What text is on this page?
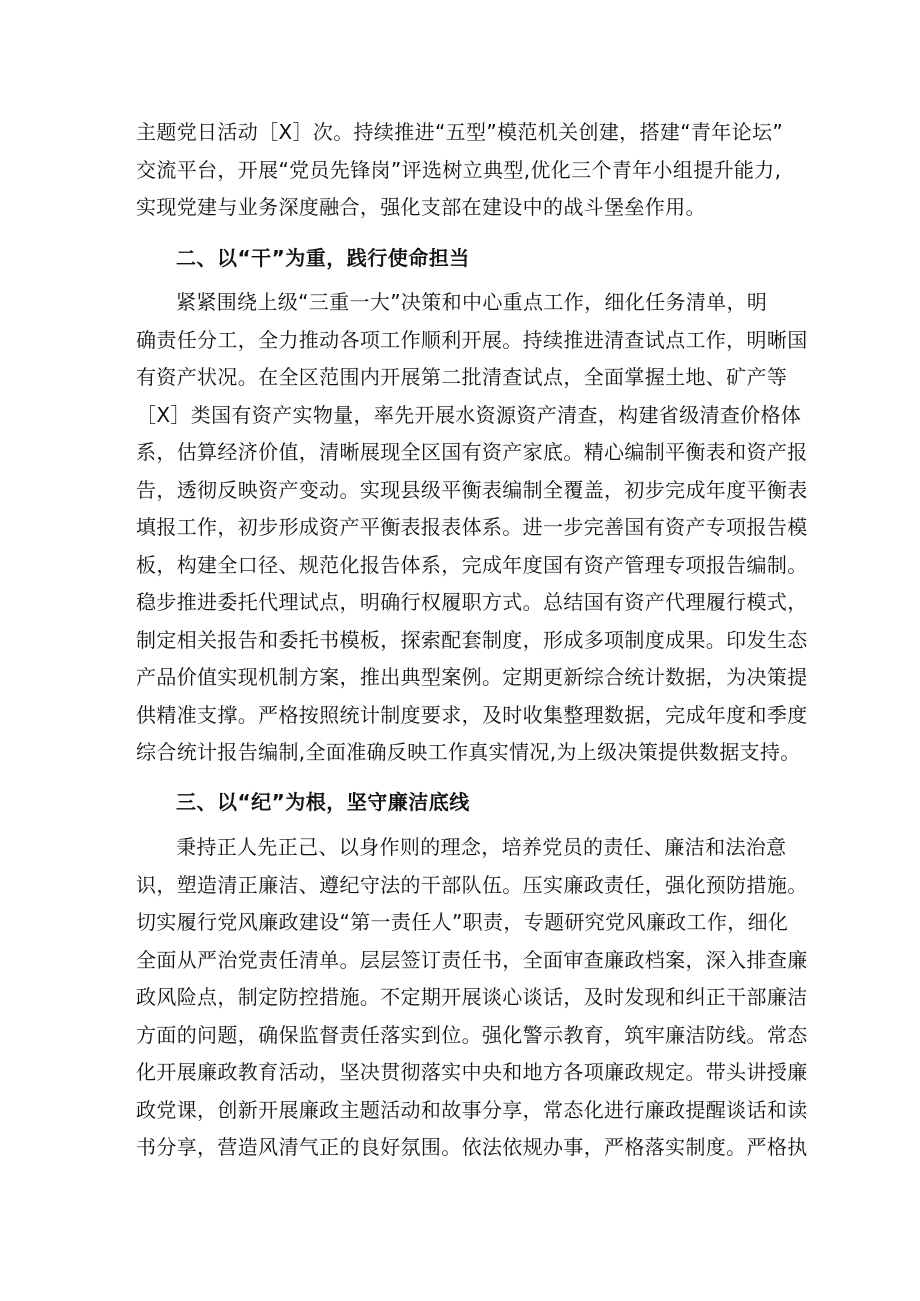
主题党日活动［X］次。持续推进“五型”模范机关创建，搭建“青年论坛”
交流平台，开展“党员先锋岗”评选树立典型,优化三个青年小组提升能力,
实现党建与业务深度融合，强化支部在建设中的战斗堡垒作用。
二、以“干”为重，践行使命担当
紧紧围绕上级“三重一大”决策和中心重点工作，细化任务清单，明
确责任分工，全力推动各项工作顺利开展。持续推进清查试点工作，明晰国
有资产状况。在全区范围内开展第二批清查试点，全面掌握土地、矿产等
［X］类国有资产实物量，率先开展水资源资产清查，构建省级清查价格体
系，估算经济价值，清晰展现全区国有资产家底。精心编制平衡表和资产报
告，透彻反映资产变动。实现县级平衡表编制全覆盖，初步完成年度平衡表
填报工作，初步形成资产平衡表报表体系。进一步完善国有资产专项报告模
板，构建全口径、规范化报告体系，完成年度国有资产管理专项报告编制。
稳步推进委托代理试点，明确行权履职方式。总结国有资产代理履行模式，
制定相关报告和委托书模板，探索配套制度，形成多项制度成果。印发生态
产品价值实现机制方案，推出典型案例。定期更新综合统计数据，为决策提
供精准支撑。严格按照统计制度要求，及时收集整理数据，完成年度和季度
综合统计报告编制,全面准确反映工作真实情况,为上级决策提供数据支持。
三、以“纪”为根，坚守廉洁底线
秉持正人先正己、以身作则的理念，培养党员的责任、廉洁和法治意
识，塑造清正廉洁、遵纪守法的干部队伍。压实廉政责任，强化预防措施。
切实履行党风廉政建设“第一责任人”职责，专题研究党风廉政工作，细化
全面从严治党责任清单。层层签订责任书，全面审查廉政档案，深入排查廉
政风险点，制定防控措施。不定期开展谈心谈话，及时发现和纠正干部廉洁
方面的问题，确保监督责任落实到位。强化警示教育，筑牢廉洁防线。常态
化开展廉政教育活动，坚决贯彻落实中央和地方各项廉政规定。带头讲授廉
政党课，创新开展廉政主题活动和故事分享，常态化进行廉政提醒谈话和读
书分享，营造风清气正的良好氛围。依法依规办事，严格落实制度。严格执
